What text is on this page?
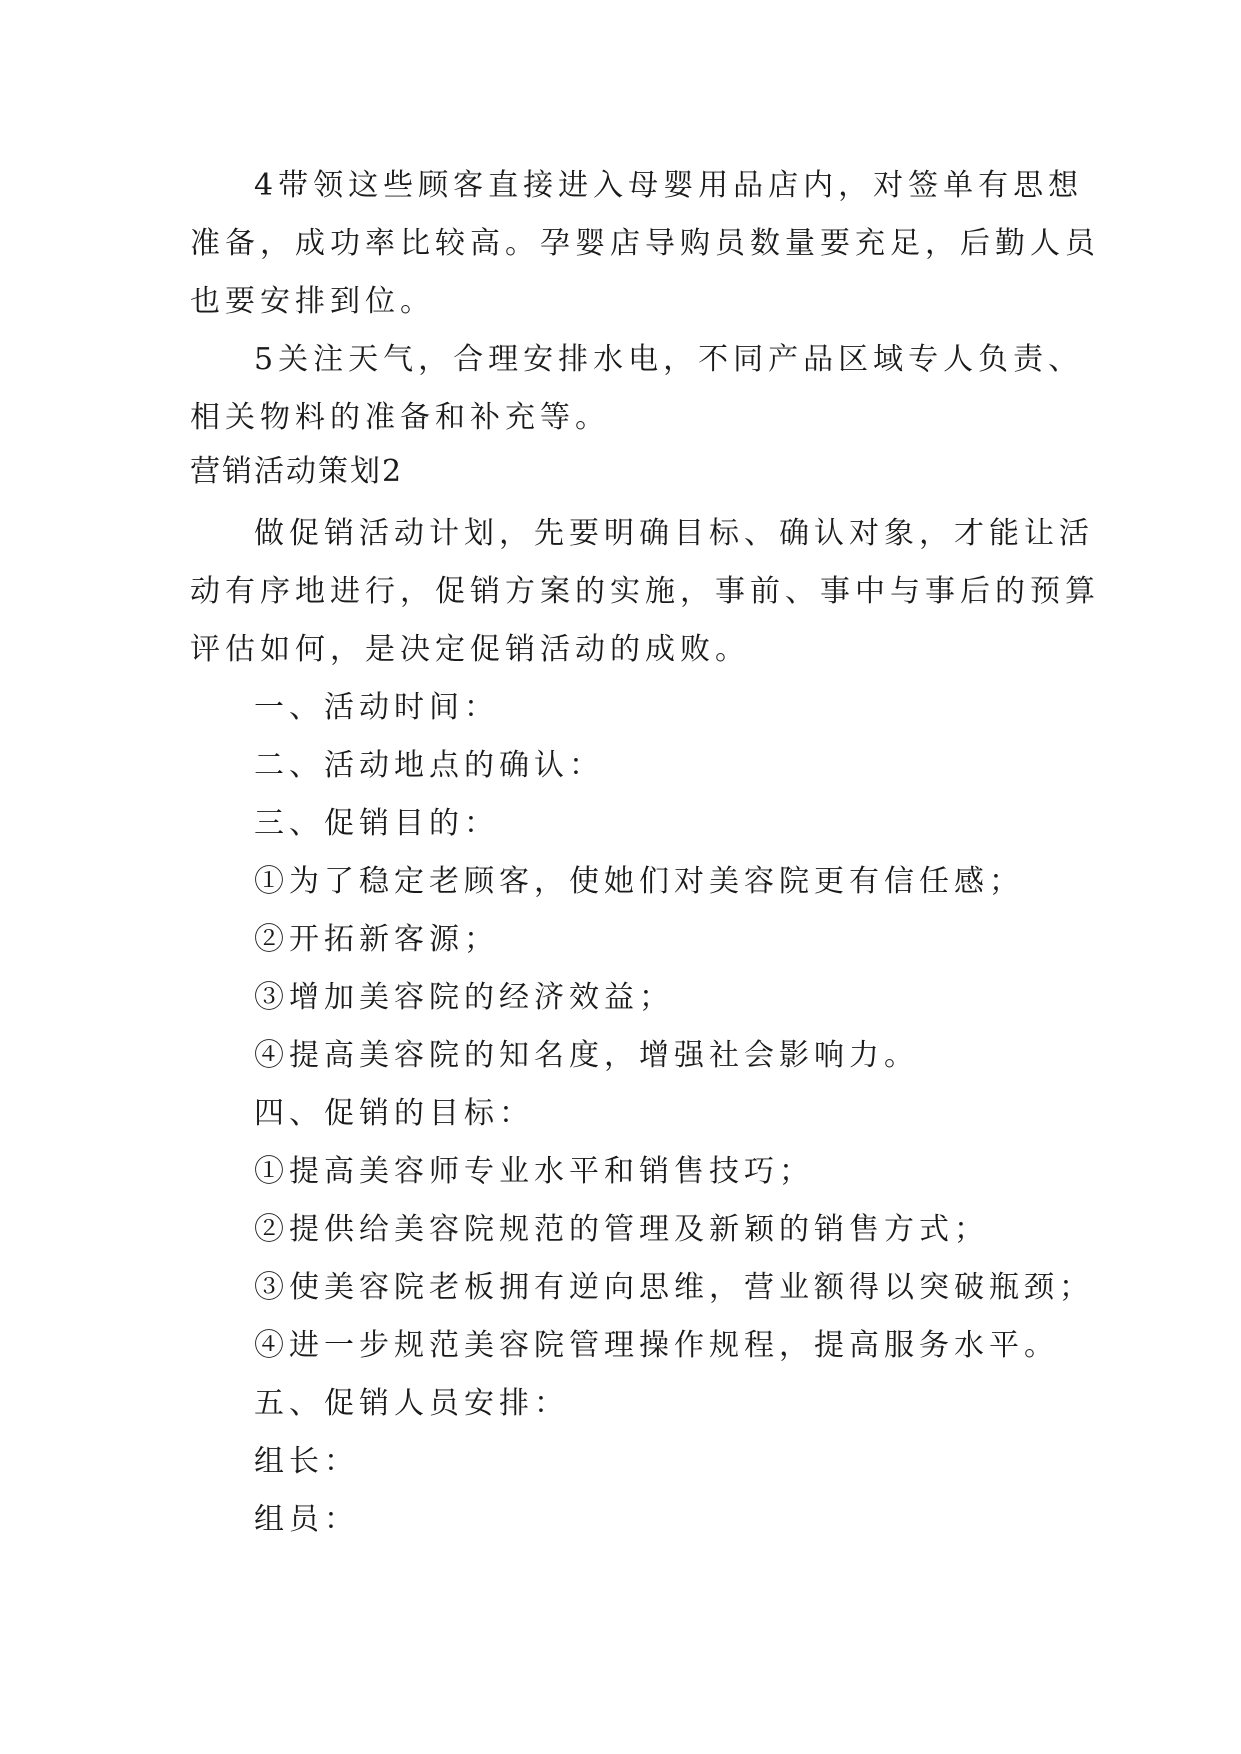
4带领这些顾客直接进入母婴用品店内，对签单有思想

准备，成功率比较高。孕婴店导购员数量要充足，后勤人员

也要安排到位。

5关注天气，合理安排水电，不同产品区域专人负责、

相关物料的准备和补充等。

营销活动策划2

做促销活动计划，先要明确目标、确认对象，才能让活

动有序地进行，促销方案的实施，事前、事中与事后的预算

评估如何，是决定促销活动的成败。

一、活动时间：

二、活动地点的确认：

三、促销目的：

①为了稳定老顾客，使她们对美容院更有信任感；

②开拓新客源；

③增加美容院的经济效益；

④提高美容院的知名度，增强社会影响力。

四、促销的目标：

①提高美容师专业水平和销售技巧；

②提供给美容院规范的管理及新颖的销售方式；

③使美容院老板拥有逆向思维，营业额得以突破瓶颈；

④进一步规范美容院管理操作规程，提高服务水平。

五、促销人员安排：

组长：

组员：
